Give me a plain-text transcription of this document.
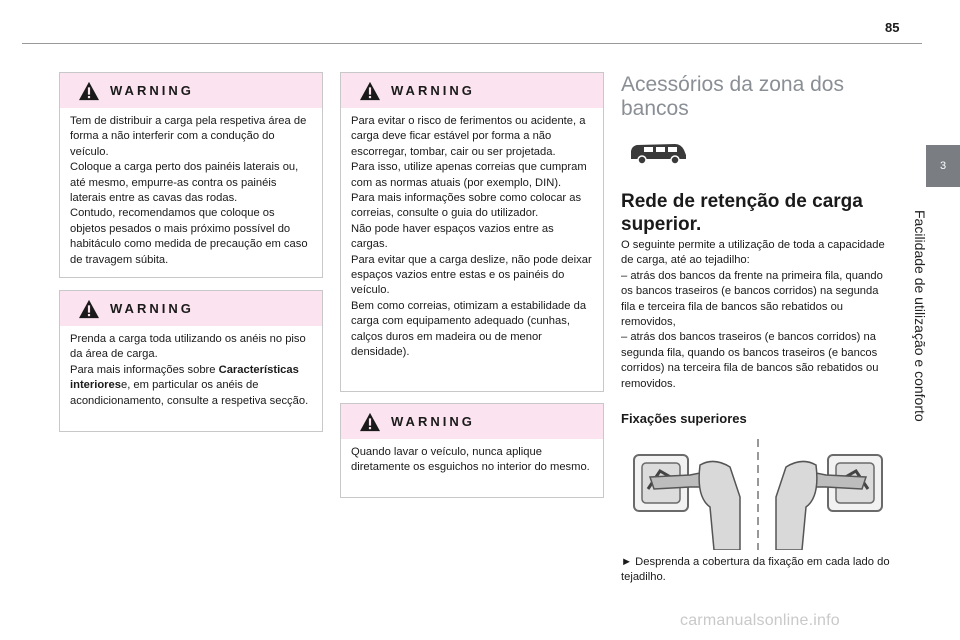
85
WARNING

Tem de distribuir a carga pela respetiva área de forma a não interferir com a condução do veículo.

Coloque a carga perto dos painéis laterais ou, até mesmo, empurre-as contra os painéis laterais entre as cavas das rodas.

Contudo, recomendamos que coloque os objetos pesados o mais próximo possível do habitáculo como medida de precaução em caso de travagem súbita.

WARNING

Prenda a carga toda utilizando os anéis no piso da área de carga.

Para mais informações sobre Características interiorese, em particular os anéis de acondicionamento, consulte a respetiva secção.

WARNING

Para evitar o risco de ferimentos ou acidente, a carga deve ficar estável por forma a não escorregar, tombar, cair ou ser projetada.

Para isso, utilize apenas correias que cumpram com as normas atuais (por exemplo, DIN).

Para mais informações sobre como colocar as correias, consulte o guia do utilizador.

Não pode haver espaços vazios entre as cargas.

Para evitar que a carga deslize, não pode deixar espaços vazios entre estas e os painéis do veículo.

Bem como correias, otimizam a estabilidade da carga com equipamento adequado (cunhas, calços duros em madeira ou de menor densidade).

WARNING

Quando lavar o veículo, nunca aplique diretamente os esguichos no interior do mesmo.

Acessórios da zona dos bancos
Rede de retenção de carga superior.

O seguinte permite a utilização de toda a capacidade de carga, até ao tejadilho:

– atrás dos bancos da frente na primeira fila, quando os bancos traseiros (e bancos corridos) na segunda fila e terceira fila de bancos são rebatidos ou removidos,

– atrás dos bancos traseiros (e bancos corridos) na segunda fila, quando os bancos traseiros (e bancos corridos) na terceira fila de bancos são rebatidos ou removidos.

Fixações superiores
► Desprenda a cobertura da fixação em cada lado do tejadilho.
3
Facilidade de utilização e conforto
carmanualsonline.info
